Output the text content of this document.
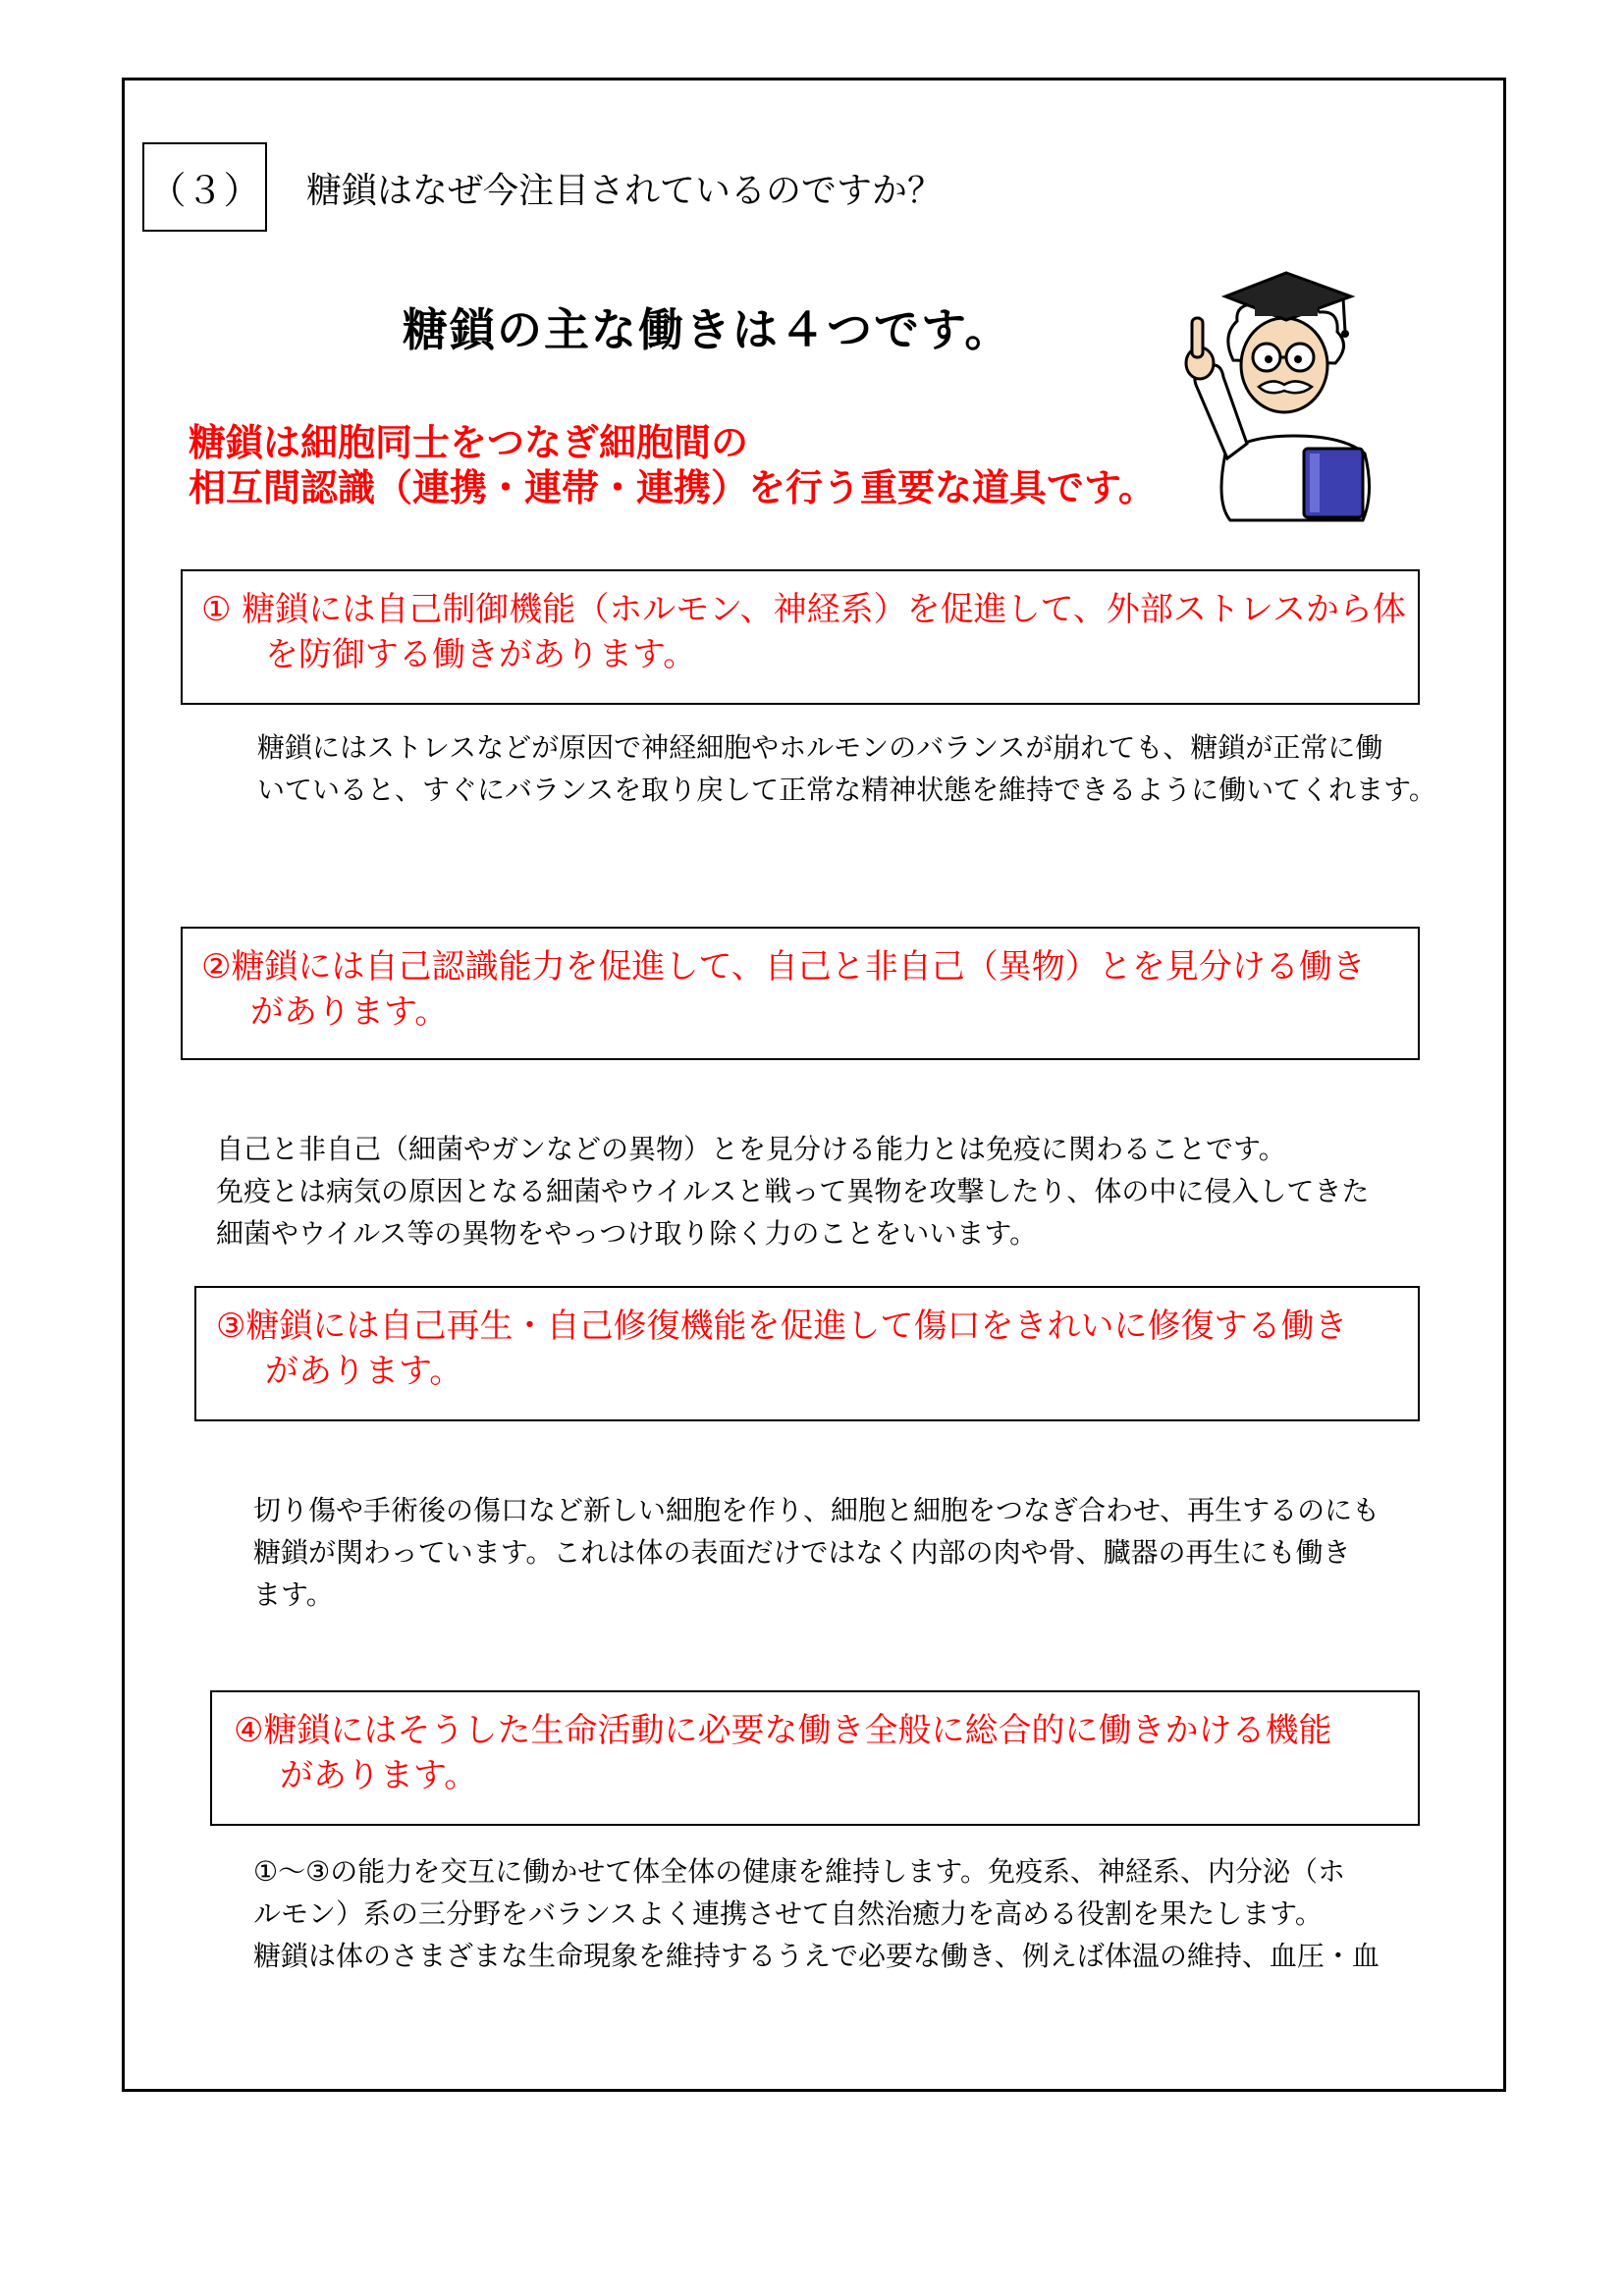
（３） 糖鎖はなぜ今注目されているのですか？
糖鎖の主な働きは４つです。
糖鎖は細胞同士をつなぎ細胞間の
相互間認識（連携・連帯・連携）を行う重要な道具です。
① 糖鎖には自己制御機能（ホルモン、神経系）を促進して、外部ストレスから体
を防御する働きがあります。
糖鎖にはストレスなどが原因で神経細胞やホルモンのバランスが崩れても、糖鎖が正常に働
いていると、すぐにバランスを取り戻して正常な精神状態を維持できるように働いてくれます。
②糖鎖には自己認識能力を促進して、自己と非自己（異物）とを見分ける働き
があります。
自己と非自己（細菌やガンなどの異物）とを見分ける能力とは免疫に関わることです。
免疫とは病気の原因となる細菌やウイルスと戦って異物を攻撃したり、体の中に侵入してきた
細菌やウイルス等の異物をやっつけ取り除く力のことをいいます。
③糖鎖には自己再生・自己修復機能を促進して傷口をきれいに修復する働き
があります。
切り傷や手術後の傷口など新しい細胞を作り、細胞と細胞をつなぎ合わせ、再生するのにも
糖鎖が関わっています。これは体の表面だけではなく内部の肉や骨、臓器の再生にも働き
ます。
④糖鎖にはそうした生命活動に必要な働き全般に総合的に働きかける機能
があります。
①～③の能力を交互に働かせて体全体の健康を維持します。免疫系、神経系、内分泌（ホ
ルモン）系の三分野をバランスよく連携させて自然治癒力を高める役割を果たします。
糖鎖は体のさまざまな生命現象を維持するうえで必要な働き、例えば体温の維持、血圧・血
